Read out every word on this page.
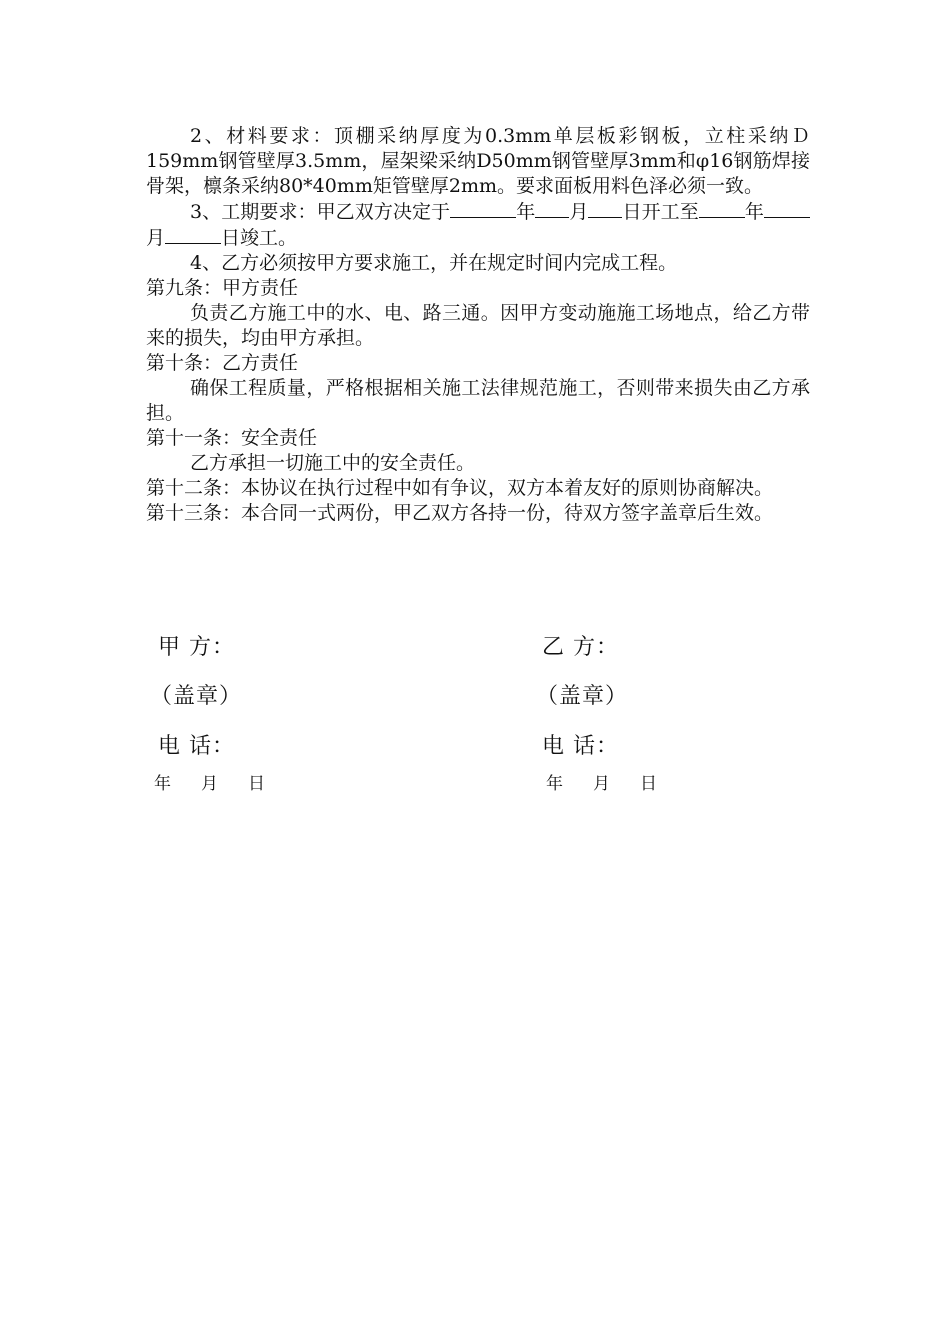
2、材料要求：顶棚采纳厚度为0.3mm单层板彩钢板，立柱采纳Ｄ159mm钢管壁厚3.5mm，屋架梁采纳D50mm钢管壁厚3mm和φ16钢筋焊接骨架，檩条采纳80*40mm矩管壁厚2mm。要求面板用料色泽必须一致。

3、工期要求：甲乙双方决定于	年 月 日开工至 年月	日竣工。

4、乙方必须按甲方要求施工，并在规定时间内完成工程。

第九条：甲方责任

负责乙方施工中的水、电、路三通。因甲方变动施施工场地点，给乙方带来的损失，均由甲方承担。

第十条：乙方责任

确保工程质量，严格根据相关施工法律规范施工，否则带来损失由乙方承担。

第十一条：安全责任

乙方承担一切施工中的安全责任。

第十二条：本协议在执行过程中如有争议，双方本着友好的原则协商解决。

第十三条：本合同一式两份，甲乙双方各持一份，待双方签字盖章后生效。

甲 方：
（盖章）
电 话：
年 月 日
乙 方：
（盖章）
电 话：
年 月 日
